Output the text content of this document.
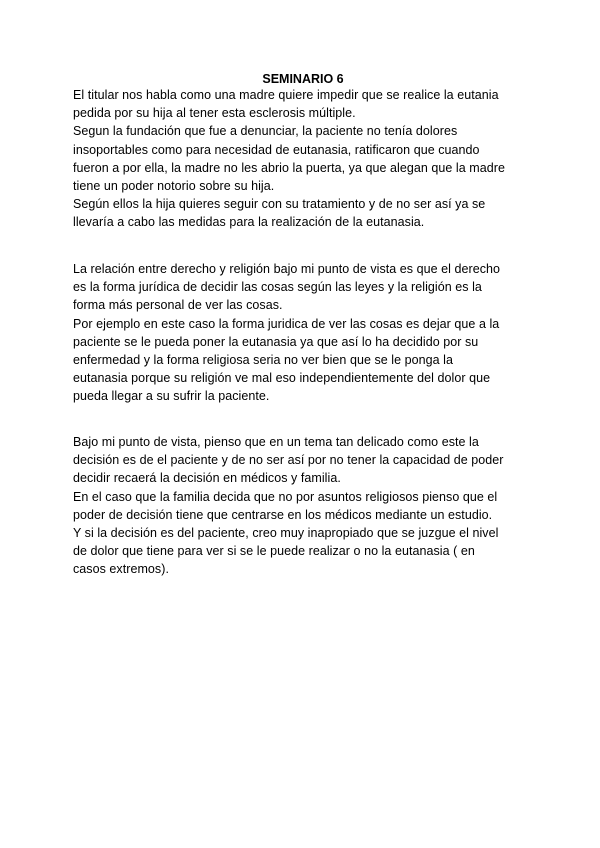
SEMINARIO 6
El titular nos habla como una madre quiere impedir que se realice la eutania
pedida por su hija al tener esta esclerosis múltiple.
Segun la fundación que fue a denunciar, la paciente no tenía dolores
insoportables como para necesidad de eutanasia, ratificaron que cuando
fueron a por ella, la madre no les abrio la puerta, ya que alegan que la madre
tiene un poder notorio sobre su hija.
Según ellos la hija quieres seguir con su tratamiento y de no ser así ya se
llevaría a cabo las medidas para la realización de la eutanasia.
La relación entre derecho y religión bajo mi punto de vista es que el derecho
es la forma jurídica de decidir las cosas según las leyes y la religión es la
forma más personal de ver las cosas.
Por ejemplo en este caso la forma juridica de ver las cosas es dejar que a la
paciente se le pueda poner la eutanasia ya que así lo ha decidido por su
enfermedad y la forma religiosa seria no ver bien que se le ponga la
eutanasia porque su religión ve mal eso independientemente del dolor que
pueda llegar a su sufrir la paciente.
Bajo mi punto de vista, pienso que en un tema tan delicado como este la
decisión es de el paciente y de no ser así por no tener la capacidad de poder
decidir recaerá la decisión en médicos y familia.
En el caso que la familia decida que no por asuntos religiosos pienso que el
poder de decisión tiene que centrarse en los médicos mediante un estudio.
Y si la decisión es del paciente, creo muy inapropiado que se juzgue el nivel
de dolor que tiene para ver si se le puede realizar o no la eutanasia ( en
casos extremos).
